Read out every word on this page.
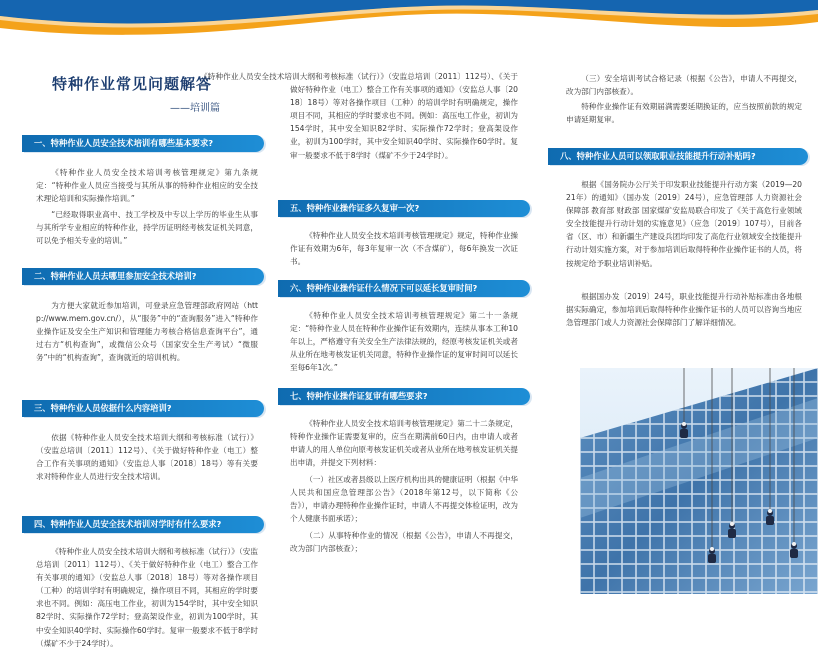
特种作业常见问题解答
——培训篇
一、特种作业人员安全技术培训有哪些基本要求?

《特种作业人员安全技术培训考核管理规定》第九条规定：“特种作业人员应当接受与其所从事的特种作业相应的安全技术理论培训和实际操作培训。”

“已经取得职业高中、技工学校及中专以上学历的毕业生从事与其所学专业相应的特种作业，持学历证明经考核发证机关同意，可以免予相关专业的培训。”

二、特种作业人员去哪里参加安全技术培训?

为方便大家就近参加培训，可登录应急管理部政府网站（http://www.mem.gov.cn/），从“服务”中的“查询服务”进入“特种作业操作证及安全生产知识和管理能力考核合格信息查询平台”，通过右方“机构查询”，或微信公众号（国家安全生产考试）“微服务”中的“机构查询”，查询就近的培训机构。

三、特种作业人员依据什么内容培训?

依据《特种作业人员安全技术培训大纲和考核标准（试行）》（安监总培训〔2011〕112号）、《关于做好特种作业（电工）整合工作有关事项的通知》（安监总人事〔2018〕18号）等有关要求对特种作业人员进行安全技术培训。

四、特种作业人员安全技术培训对学时有什么要求?

《特种作业人员安全技术培训大纲和考核标准（试行）》（安监总培训〔2011〕112号）、《关于做好特种作业（电工）整合工作有关事项的通知》（安监总人事〔2018〕18号）等对各操作项目（工种）的培训学时有明确规定，操作项目不同，其相应的学时要求也不同。例如：高压电工作业，初训为154学时，其中安全知识82学时、实际操作72学时；登高架设作业，初训为100学时，其中安全知识40学时、实际操作60学时。复审一般要求不低于8学时（煤矿不少于24学时）。

《特种作业人员安全技术培训大纲和考核标准（试行）》（安监总培训〔2011〕112号）、《关于做好特种作业（电工）整合工作有关事项的通知》（安监总人事〔2018〕18号）等对各操作项目（工种）的培训学时有明确规定，操作项目不同，其相应的学时要求也不同。例如：高压电工作业，初训为154学时，其中安全知识82学时、实际操作72学时；登高架设作业，初训为100学时，其中安全知识40学时、实际操作60学时。复审一般要求不低于8学时（煤矿不少于24学时）。

五、特种作业操作证多久复审一次?

《特种作业人员安全技术培训考核管理规定》规定，特种作业操作证有效期为6年，每3年复审一次（不含煤矿），每6年换发一次证书。

六、特种作业操作证什么情况下可以延长复审时间?

《特种作业人员安全技术培训考核管理规定》第二十一条规定：“特种作业人员在特种作业操作证有效期内，连续从事本工种10年以上，严格遵守有关安全生产法律法规的，经原考核发证机关或者从业所在地考核发证机关同意，特种作业操作证的复审时间可以延长至每6年1次。”

七、特种作业操作证复审有哪些要求?

《特种作业人员安全技术培训考核管理规定》第二十二条规定，特种作业操作证需要复审的，应当在期满前60日内，由申请人或者申请人的用人单位向原考核发证机关或者从业所在地考核发证机关提出申请，并提交下列材料：

（一）社区或者县级以上医疗机构出具的健康证明（根据《中华人民共和国应急管理部公告》（2018年第12号，以下简称《公告》），申请办理特种作业操作证时，申请人不再提交体检证明，改为个人健康书面承诺）；

（二）从事特种作业的情况（根据《公告》，申请人不再提交，改为部门内部核查）；

（三）安全培训考试合格记录（根据《公告》，申请人不再提交，改为部门内部核查）。

特种作业操作证有效期届满需要延期换证的，应当按照前款的规定申请延期复审。

八、特种作业人员可以领取职业技能提升行动补贴吗?

根据《国务院办公厅关于印发职业技能提升行动方案（2019—2021年）的通知》（国办发〔2019〕24号），应急管理部 人力资源社会保障部 教育部 财政部 国家煤矿安监局联合印发了《关于高危行业领域安全技能提升行动计划的实施意见》（应急〔2019〕107号），目前各省（区、市）和新疆生产建设兵团均印发了高危行业领域安全技能提升行动计划实施方案，对于参加培训后取得特种作业操作证书的人员，将按规定给予职业培训补贴。

根据国办发〔2019〕24号，职业技能提升行动补贴标准由各地根据实际确定，参加培训后取得特种作业操作证书的人员可以咨询当地应急管理部门或人力资源社会保障部门了解详细情况。
